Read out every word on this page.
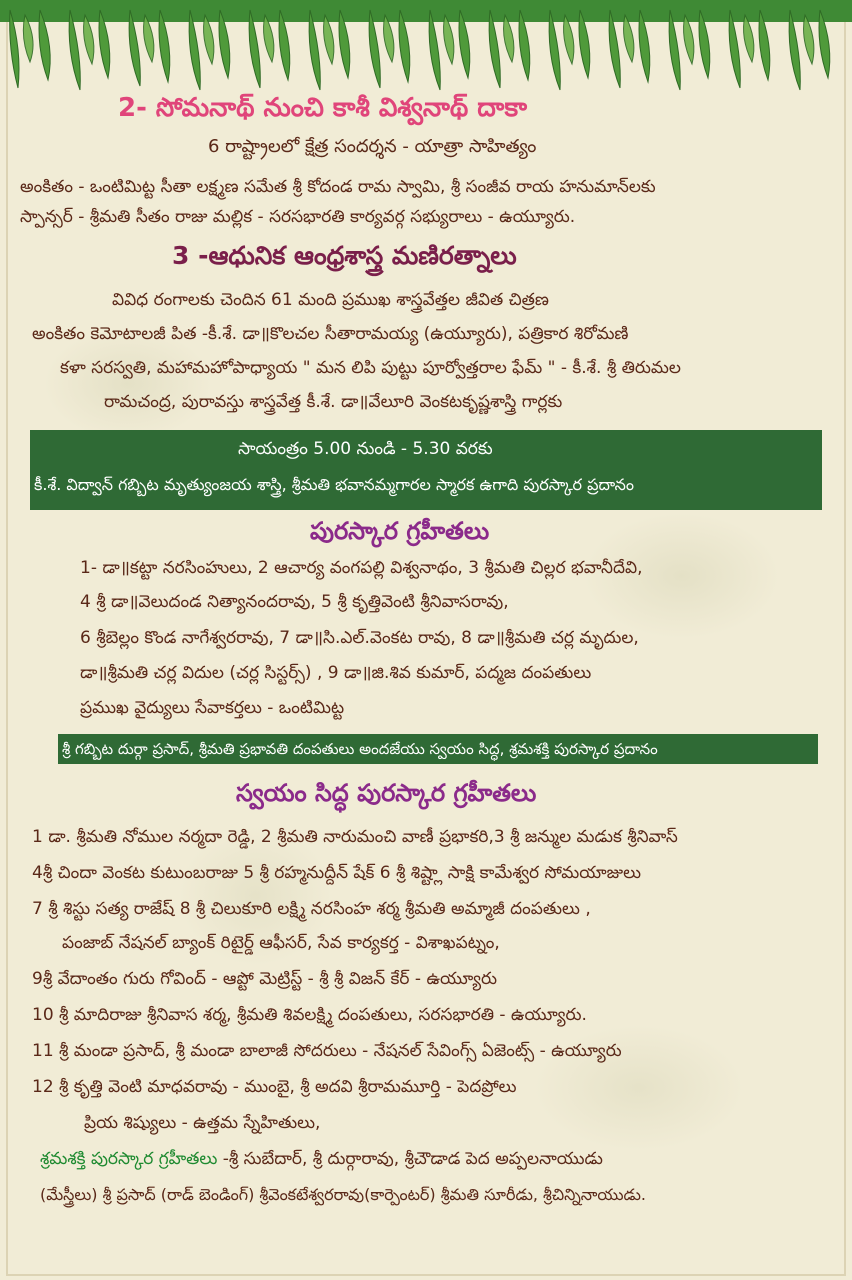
2- సోమనాథ్ నుంచి కాశీ విశ్వనాథ్ దాకా
6 రాష్ట్రాలలో క్షేత్ర సందర్శన - యాత్రా సాహిత్యం
అంకితం - ఒంటిమిట్ట సీతా లక్ష్మణ సమేత శ్రీ కోదండ రామ స్వామి, శ్రీ సంజీవ రాయ హనుమాన్‌లకు
స్పాన్సర్ - శ్రీమతి సీతం రాజు మల్లిక - సరసభారతి కార్యవర్గ సభ్యురాలు - ఉయ్యూరు.
3 -ఆధునిక ఆంధ్రశాస్త్ర మణిరత్నాలు
వివిధ రంగాలకు చెందిన 61 మంది ప్రముఖ శాస్త్రవేత్తల జీవిత చిత్రణ
అంకితం కెమోటాలజీ పిత -కీ.శే. డా॥కొలచల సీతారామయ్య (ఉయ్యూరు), పత్రికార శిరోమణి
కళా సరస్వతి, మహామహోపాధ్యాయ " మన లిపి పుట్టు పూర్వోత్తరాల ఫేమ్ " - కీ.శే. శ్రీ తిరుమల
రామచంద్ర, పురావస్తు శాస్త్రవేత్త కీ.శే. డా॥వేలూరి వెంకటకృష్ణశాస్త్రి గార్లకు
సాయంత్రం 5.00 నుండి - 5.30 వరకు
కీ.శే. విద్వాన్ గబ్బిట మృత్యుంజయ శాస్త్రి, శ్రీమతి భవానమ్మగారల స్మారక ఉగాది పురస్కార ప్రదానం
పురస్కార గ్రహీతలు
1- డా॥కట్టా నరసింహులు, 2 ఆచార్య వంగపల్లి విశ్వనాథం, 3 శ్రీమతి చిల్లర భవానీదేవి,
4 శ్రీ డా॥వెలుదండ నిత్యానందరావు, 5 శ్రీ కృత్తివెంటి శ్రీనివాసరావు,
6 శ్రీబెల్లం కొండ నాగేశ్వరరావు, 7 డా॥సి.ఎల్.వెంకట రావు, 8 డా॥శ్రీమతి చర్ల మృదుల,
డా॥శ్రీమతి చర్ల విదుల (చర్ల సిస్టర్స్) , 9 డా॥జి.శివ కుమార్, పద్మజ దంపతులు
ప్రముఖ వైద్యులు సేవాకర్తలు - ఒంటిమిట్ట
శ్రీ గబ్బిట దుర్గా ప్రసాద్, శ్రీమతి ప్రభావతి దంపతులు అందజేయు స్వయం సిద్ధ, శ్రమశక్తి పురస్కార ప్రదానం
స్వయం సిద్ధ పురస్కార గ్రహీతలు
1 డా. శ్రీమతి నోముల నర్మదా రెడ్డి, 2 శ్రీమతి నారుమంచి వాణీ ప్రభాకరి,3 శ్రీ జన్ముల మడుక శ్రీనివాస్
4శ్రీ చిందా వెంకట కుటుంబరాజు 5 శ్రీ రహ్మనుద్దీన్ షేక్ 6 శ్రీ శిష్ట్లా సాక్షి కామేశ్వర సోమయాజులు
7 శ్రీ శిస్టు సత్య రాజేష్ 8 శ్రీ చిలుకూరి లక్ష్మి నరసింహ శర్మ శ్రీమతి అమ్మాజీ దంపతులు ,
పంజాబ్ నేషనల్ బ్యాంక్ రిటైర్డ్ ఆఫీసర్, సేవ కార్యకర్త - విశాఖపట్నం,
9శ్రీ వేదాంతం గురు గోవింద్ - ఆప్టో మెట్రిస్ట్ - శ్రీ శ్రీ విజన్ కేర్ - ఉయ్యూరు
10 శ్రీ మాదిరాజు శ్రీనివాస శర్మ, శ్రీమతి శివలక్ష్మి దంపతులు, సరసభారతి - ఉయ్యూరు.
11 శ్రీ మండా ప్రసాద్, శ్రీ మండా బాలాజీ సోదరులు - నేషనల్ సేవింగ్స్ ఏజెంట్స్ - ఉయ్యూరు
12 శ్రీ కృత్తి వెంటి మాధవరావు - ముంబై, శ్రీ అదవి శ్రీరామమూర్తి - పెదప్రోలు
ప్రియ శిష్యులు - ఉత్తమ స్నేహితులు,
శ్రమశక్తి పురస్కార గ్రహీతలు -శ్రీ సుబేదార్, శ్రీ దుర్గారావు, శ్రీచౌడాడ పెద అప్పలనాయుడు
(మేస్త్రీలు) శ్రీ ప్రసాద్ (రాడ్ బెండింగ్) శ్రీవెంకటేశ్వరరావు(కార్పెంటర్) శ్రీమతి సూరీడు, శ్రీచిన్నినాయుడు.
